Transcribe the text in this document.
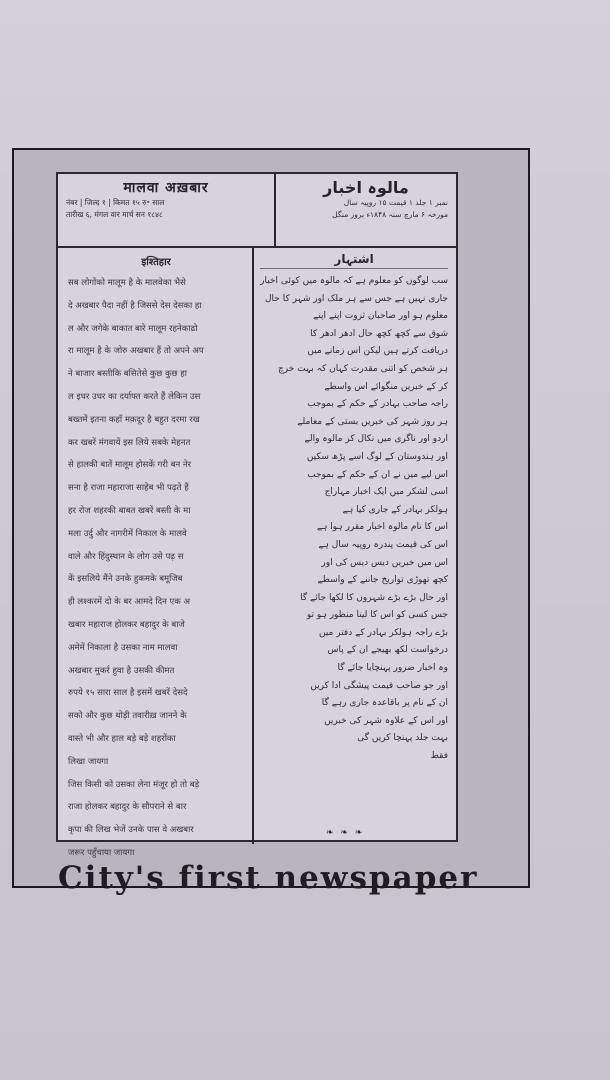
मालवा अख़बार
नंबर | जिल्द १ | किमत १५ रु॰ साल
तारीख ६, मंगल वार मार्च सन १८४८
مالوہ اخبار
نمبر ۱ جلد ۱ قیمت ۱۵ روپیہ سال
مورخہ ۶ مارچ سنہ ۱۸۴۸ء بروز منگل
इश्तिहार
सब लोगोंको मालूम है के मालवेका भैसे
दे अखबार पैदा नहीं है जिससे देस देसका हा
ल और जगेके बाकात बारे मालूम रहनेकाढो
रा मालूम है के जोरु अखबार हैं तो अपने अप
ने बाजार बस्तीकि बसितेसे कुछ कुछ हा
ल इधर उधर का दर्याफ्त करते हैं लेकिन उस
बख्तमें इतना कहाँ मक़दूर है बहुत दरमा रख
कर खबरें मंगवायें इस लिये सबके मेहनत
से हालकी बातें मालूम होसकें गरी बन नेर
सना है राजा महाराजा साहेब भी पढ़ते हैं
हर रोज शहरकी बाबत खबरें बस्ती के मा
मला उर्दु और नागरीमें निकाल के मालवे
वाले और हिंदुस्थान के लोग उसे पढ़ स
कें इसलिये मैंने उनके हुकमके बमूजिब
ही लश्करमें दो के बर आमदे दिन एक अ
खबार महाराज होलकर बहादुर के बाजे
अमेमें निकाला है उसका नाम मालवा
अखबार मुकर्र हुवा है उसकी कीमत
रुपये १५ सारा साल है इसमें खबरें देसदे
सको और कुछ थोड़ी तवारीख़ जानने के
वास्ते भी और हाल बड़े बड़े शहरोंका
लिखा जायगा
जिस किसी को उसका लेना मंजूर हो तो बड़े
राजा होलकर बहादुर के सौपराने से बार
कृपा की लिख भेजें उनके पास वे अखबार
जरूर पहुँचाया जायगा
اشتہار
سب لوگوں کو معلوم ہے کہ مالوہ میں کوئی اخبار
جاری نہیں ہے جس سے ہر ملک اور شہر کا حال
معلوم ہو اور صاحبان ثروت اپنے اپنے
شوق سے کچھ کچھ حال ادھر ادھر کا
دریافت کرتے ہیں لیکن اس زمانے میں
ہر شخص کو اتنی مقدرت کہاں کہ بہت خرچ
کر کے خبریں منگوائے اس واسطے
راجہ صاحب بہادر کے حکم کے بموجب
ہر روز شہر کی خبریں بستی کے معاملے
اردو اور ناگری میں نکال کر مالوہ والے
اور ہندوستان کے لوگ اسے پڑھ سکیں
اس لیے میں نے ان کے حکم کے بموجب
اسی لشکر میں ایک اخبار مہاراج
ہولکر بہادر کے جاری کیا ہے
اس کا نام مالوہ اخبار مقرر ہوا ہے
اس کی قیمت پندرہ روپیہ سال ہے
اس میں خبریں دیس دیس کی اور
کچھ تھوڑی تواریخ جاننے کے واسطے
اور حال بڑے بڑے شہروں کا لکھا جائے گا
جس کسی کو اس کا لینا منظور ہو تو
بڑے راجہ ہولکر بہادر کے دفتر میں
درخواست لکھ بھیجے ان کے پاس
وہ اخبار ضرور پہنچایا جائے گا
اور جو صاحب قیمت پیشگی ادا کریں
ان کے نام پر باقاعدہ جاری رہے گا
اور اس کے علاوہ شہر کی خبریں
بہت جلد پہنچا کریں گی
فقط
❧ ❧ ❧
City's first newspaper
